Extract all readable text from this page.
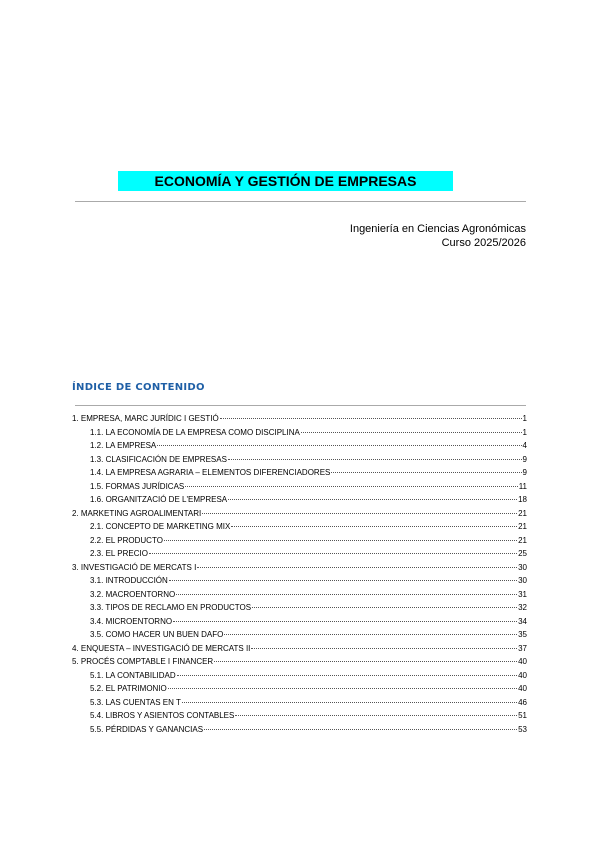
ECONOMÍA Y GESTIÓN DE EMPRESAS
Ingeniería en Ciencias Agronómicas
Curso 2025/2026
ÍNDICE DE CONTENIDO
1. EMPRESA, MARC JURÍDIC I GESTIÓ	1
1.1. LA ECONOMÍA DE LA EMPRESA COMO DISCIPLINA	1
1.2. LA EMPRESA	4
1.3. CLASIFICACIÓN DE EMPRESAS	9
1.4. LA EMPRESA AGRARIA – ELEMENTOS DIFERENCIADORES	9
1.5. FORMAS JURÍDICAS	11
1.6. ORGANITZACIÓ DE L'EMPRESA	18
2. MARKETING AGROALIMENTARI	21
2.1. CONCEPTO DE MARKETING MIX	21
2.2. EL PRODUCTO	21
2.3. EL PRECIO	25
3. INVESTIGACIÓ DE MERCATS I	30
3.1. INTRODUCCIÓN	30
3.2. MACROENTORNO	31
3.3. TIPOS DE RECLAMO EN PRODUCTOS	32
3.4. MICROENTORNO	34
3.5. COMO HACER UN BUEN DAFO	35
4. ENQUESTA – INVESTIGACIÓ DE MERCATS II	37
5. PROCÉS COMPTABLE I FINANCER	40
5.1. LA CONTABILIDAD	40
5.2. EL PATRIMONIO	40
5.3. LAS CUENTAS EN T	46
5.4. LIBROS Y ASIENTOS CONTABLES	51
5.5. PÉRDIDAS Y GANANCIAS	53
